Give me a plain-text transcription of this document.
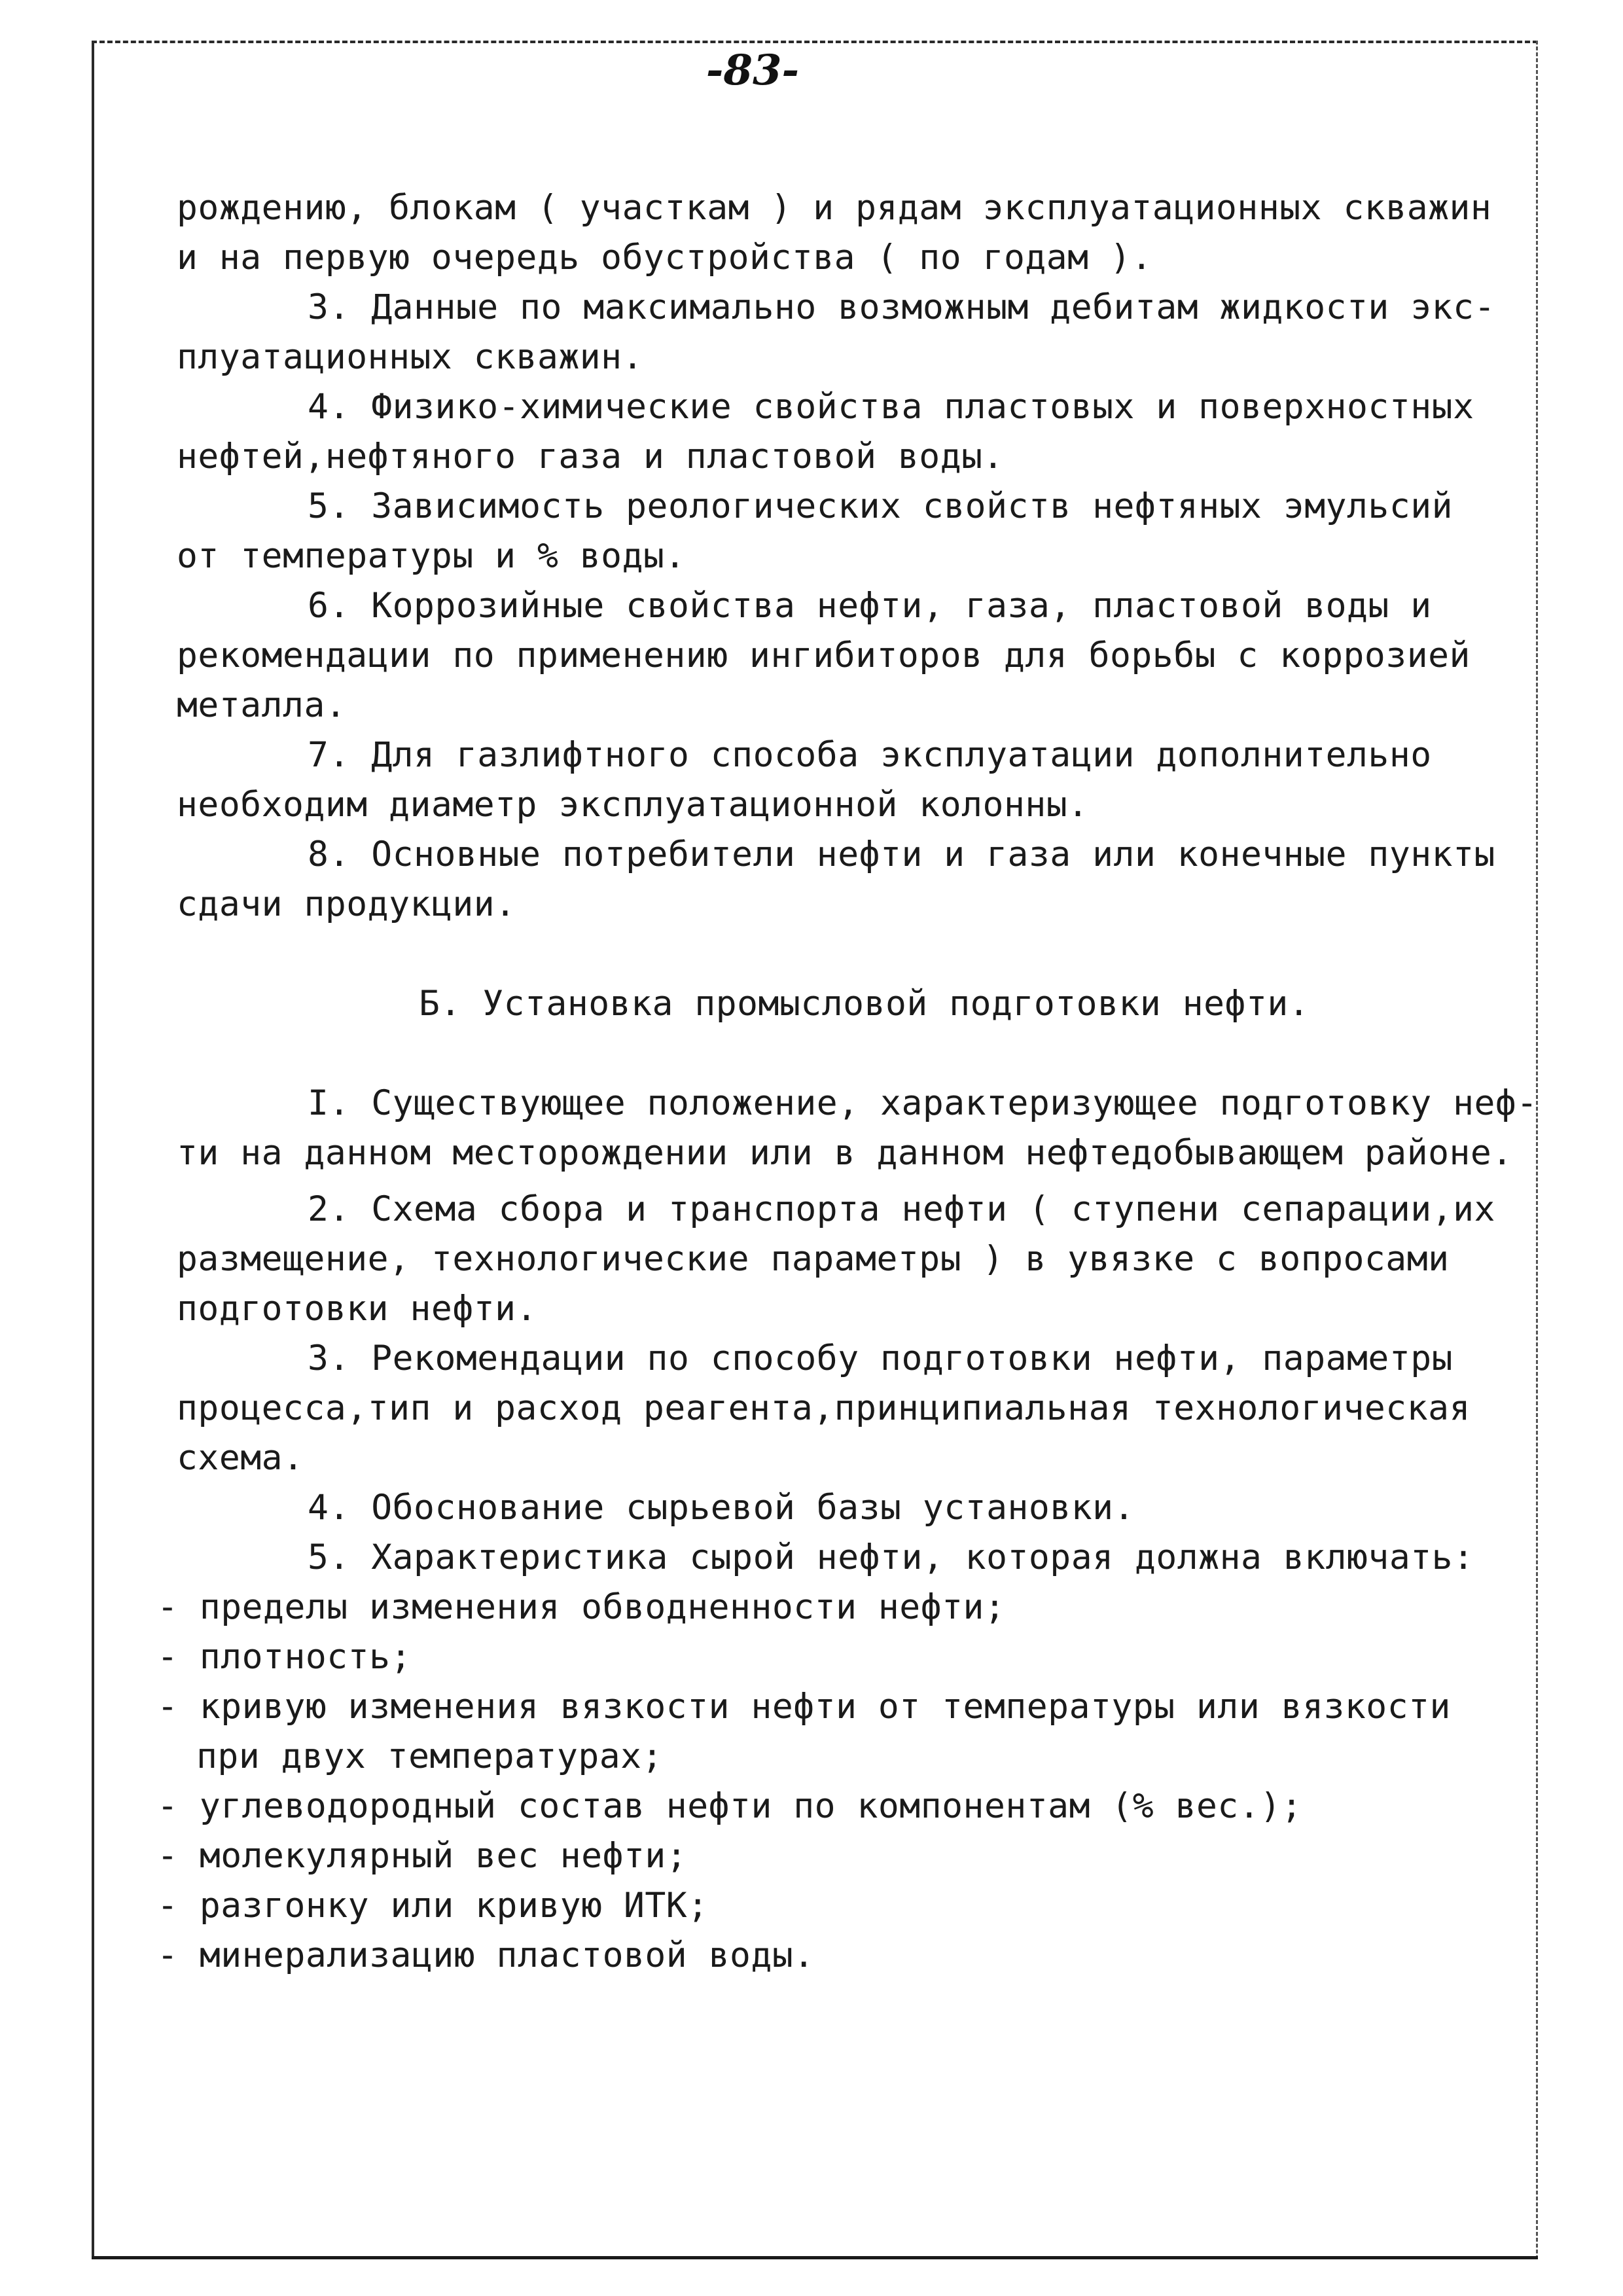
-83-
рождению, блокам ( участкам ) и рядам эксплуатационных скважин
и на первую очередь обустройства ( по годам ).
3. Данные по максимально возможным дебитам жидкости экс-
плуатационных скважин.
4. Физико-химические свойства пластовых и поверхностных
нефтей,нефтяного газа и пластовой воды.
5. Зависимость реологических свойств нефтяных эмульсий
от температуры и % воды.
6. Коррозийные свойства нефти, газа, пластовой воды и
рекомендации по применению ингибиторов для борьбы с коррозией
металла.
7. Для газлифтного способа эксплуатации дополнительно
необходим диаметр эксплуатационной колонны.
8. Основные потребители нефти и газа или конечные пункты
сдачи продукции.
Б. Установка промысловой подготовки нефти.
I. Существующее положение, характеризующее подготовку неф-
ти на данном месторождении или в данном нефтедобывающем районе.
2. Схема сбора и транспорта нефти ( ступени сепарации,их
размещение, технологические параметры ) в увязке с вопросами
подготовки нефти.
3. Рекомендации по способу подготовки нефти, параметры
процесса,тип и расход реагента,принципиальная технологическая
схема.
4. Обоснование сырьевой базы установки.
5. Характеристика сырой нефти, которая должна включать:
- пределы изменения обводненности нефти;
- плотность;
- кривую изменения вязкости нефти от температуры или вязкости
при двух температурах;
- углеводородный состав нефти по компонентам (% вес.);
- молекулярный вес нефти;
- разгонку или кривую ИТК;
- минерализацию пластовой воды.
